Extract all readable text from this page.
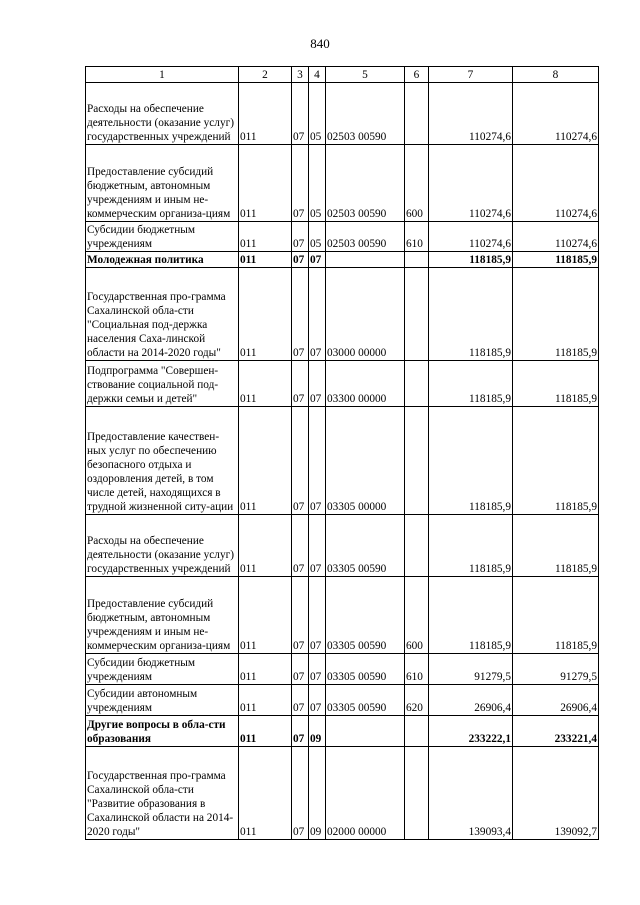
840
1	2	3	4	5	6	7	8
Расходы на обеспечение деятельности (оказание услуг) государственных учреждений	011	07	05	02503 00590		110274,6	110274,6
Предоставление субсидий бюджетным, автономным учреждениям и иным не-коммерческим организа-циям	011	07	05	02503 00590	600	110274,6	110274,6
Субсидии бюджетным учреждениям	011	07	05	02503 00590	610	110274,6	110274,6
Молодежная политика	011	07	07			118185,9	118185,9
Государственная про-грамма Сахалинской обла-сти "Социальная под-держка населения Саха-линской области на 2014-2020 годы"	011	07	07	03000 00000		118185,9	118185,9
Подпрограмма "Совершен-ствование социальной под-держки семьи и детей"	011	07	07	03300 00000		118185,9	118185,9
Предоставление качествен-ных услуг по обеспечению безопасного отдыха и оздоровления детей, в том числе детей, находящихся в трудной жизненной ситу-ации	011	07	07	03305 00000		118185,9	118185,9
Расходы на обеспечение деятельности (оказание услуг) государственных учреждений	011	07	07	03305 00590		118185,9	118185,9
Предоставление субсидий бюджетным, автономным учреждениям и иным не-коммерческим организа-циям	011	07	07	03305 00590	600	118185,9	118185,9
Субсидии бюджетным учреждениям	011	07	07	03305 00590	610	91279,5	91279,5
Субсидии автономным учреждениям	011	07	07	03305 00590	620	26906,4	26906,4
Другие вопросы в обла-сти образования	011	07	09			233222,1	233221,4
Государственная про-грамма Сахалинской обла-сти "Развитие образования в Сахалинской области на 2014-2020 годы"	011	07	09	02000 00000		139093,4	139092,7
